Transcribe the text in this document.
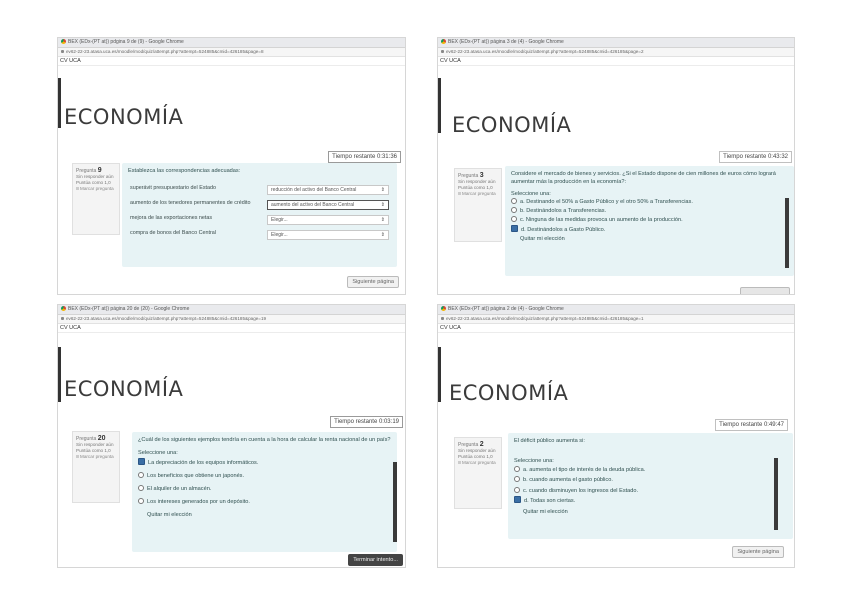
BEX (EDx-(PT at)) pdgina 9 de (9) - Google Chrome
ev62-22-23.atasa.uca.es/moodle/mod/quiz/attempt.php?attempt=524885&cmid=426185&page=8
CV UCA
ECONOMÍA
Tiempo restante 0:31:36
Pregunta 9
Sin responder aún
Puntúa como 1,0
Marcar pregunta
Establezca las correspondencias adecuadas:
superávit presupuestario del Estado	reducción del activo del Banco Central ⇕

aumento de los tenedores permanentes de crédito	aumento del activo del Banco Central ⇕

mejora de las exportaciones netas	Elegir... ⇕

compra de bonos del Banco Central	Elegir... ⇕
Siguiente página
BEX (EDx-(PT at)) página 3 de (4) - Google Chrome
ev62-22-23.atasa.uca.es/moodle/mod/quiz/attempt.php?attempt=524885&cmid=426185&page=2
CV UCA
ECONOMÍA
Tiempo restante 0:43:32
Pregunta 3
Sin responder aún
Puntúa como 1,0
Marcar pregunta
Considere el mercado de bienes y servicios. ¿Si el Estado dispone de cien millones de euros cómo logrará aumentar más la producción en la economía?:
Seleccione una:
a. Destinando el 50% a Gasto Público y el otro 50% a Transferencias.
b. Destinándolos a Transferencias.
c. Ninguna de las medidas provoca un aumento de la producción.
d. Destinándolos a Gasto Público.
Quitar mi elección
BEX (EDx-(PT at)) página 20 de (20) - Google Chrome
ev62-22-23.atasa.uca.es/moodle/mod/quiz/attempt.php?attempt=524885&cmid=426185&page=19
CV UCA
ECONOMÍA
Tiempo restante 0:03:19
Pregunta 20
Sin responder aún
Puntúa como 1,0
Marcar pregunta
¿Cuál de los siguientes ejemplos tendría en cuenta a la hora de calcular la renta nacional de un país?
Seleccione una:
La depreciación de los equipos informáticos.
Los beneficios que obtiene un japonés.
El alquiler de un almacén.
Los intereses generados por un depósito.
Quitar mi elección
Terminar intento...
BEX (EDx-(PT at)) página 2 de (4) - Google Chrome
ev62-22-23.atasa.uca.es/moodle/mod/quiz/attempt.php?attempt=524885&cmid=426185&page=1
CV UCA
ECONOMÍA
Tiempo restante 0:49:47
Pregunta 2
Sin responder aún
Puntúa como 1,0
Marcar pregunta
El déficit público aumenta si:
Seleccione una:
a. aumenta el tipo de interés de la deuda pública.
b. cuando aumenta el gasto público.
c. cuando disminuyen los ingresos del Estado.
d. Todas son ciertas.
Quitar mi elección
Siguiente página
